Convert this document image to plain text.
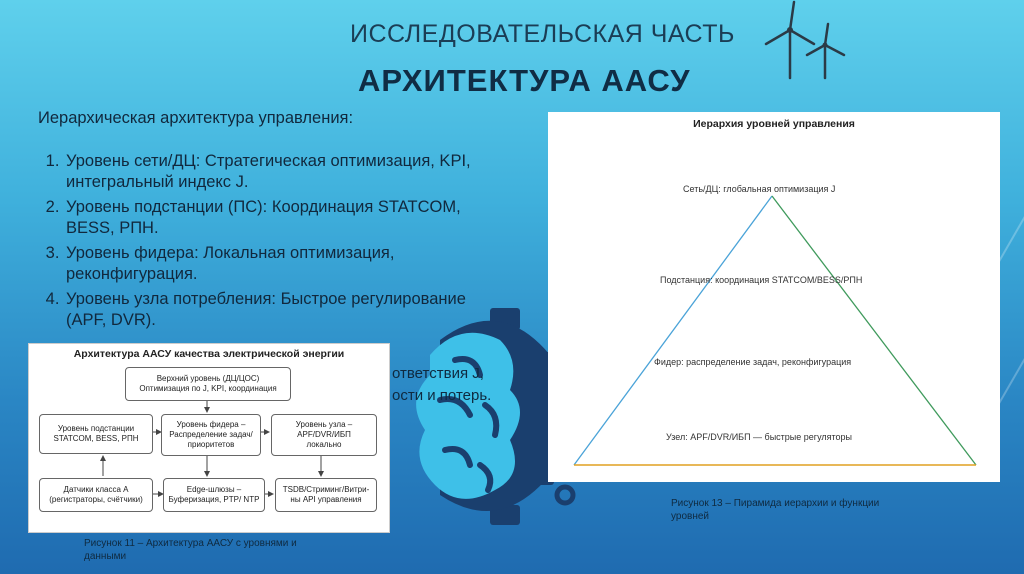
ИССЛЕДОВАТЕЛЬСКАЯ ЧАСТЬ
АРХИТЕКТУРА ААСУ
Иерархическая архитектура управления:
1. Уровень сети/ДЦ: Стратегическая оптимизация, KPI, интегральный индекс J.
2. Уровень подстанции (ПС): Координация STATCOM, BESS, РПН.
3. Уровень фидера: Локальная оптимизация, реконфигурация.
4. Уровень узла потребления: Быстрое регулирование (APF, DVR).
ответствия J,
ости и потерь.
Архитектура ААСУ качества электрической энергии
Верхний уровень (ДЦ/ЦОС)
Оптимизация по J, KPI, координация
Уровень подстанции
STATCOM, BESS, РПН
Уровень фидера –
Распределение задач/
приоритетов
Уровень узла –
APF/DVR/ИБП
локально
Датчики класса А
(регистраторы, счётчики)
Edge-шлюзы –
Буферизация, PTP/ NTP
TSDB/Стриминг/Витри-
ны API управления
Рисунок 11 – Архитектура ААСУ с уровнями и данными
Иерархия уровней управления
Сеть/ДЦ: глобальная оптимизация J
Подстанция: координация STATCOM/BESS/РПН
Фидер: распределение задач, реконфигурация
Узел: APF/DVR/ИБП — быстрые регуляторы
Рисунок 13 – Пирамида иерархии и функции уровней
